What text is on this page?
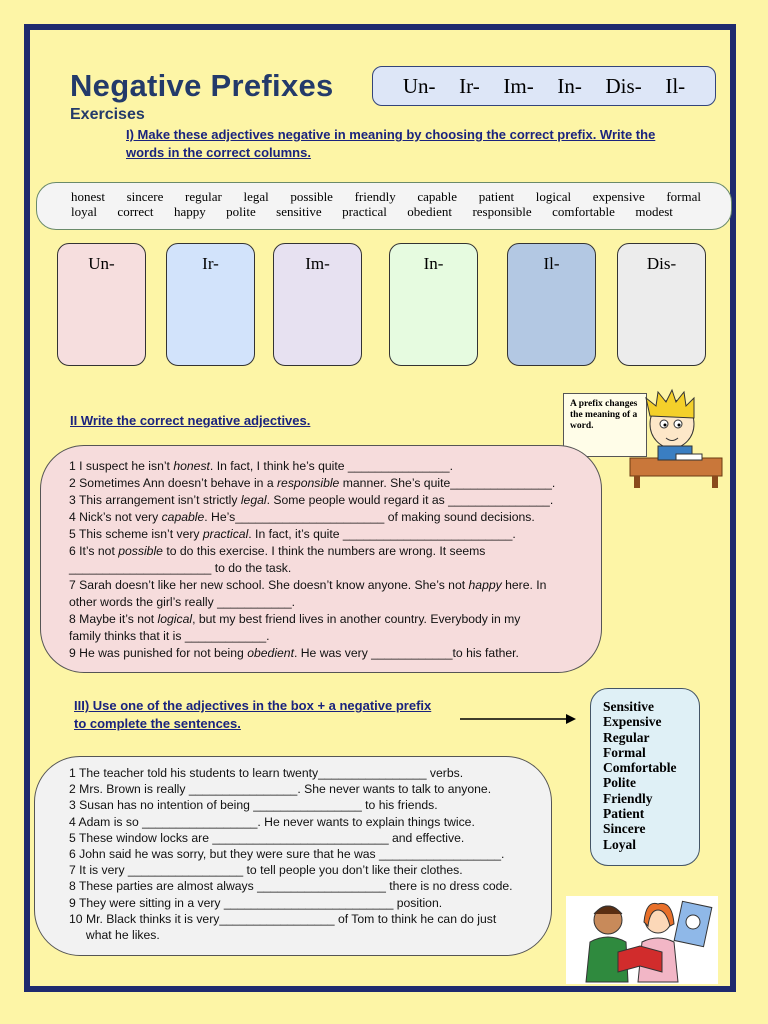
Negative Prefixes
Exercises
Un- Ir- Im- In- Dis- Il-
I) Make these adjectives negative in meaning by choosing the correct prefix. Write the
words in the correct columns.
honest sincere regular legal possible friendly capable patient logical expensive formal
loyal correct happy polite sensitive practical obedient responsible comfortable modest
Un-	Ir-	Im-	In-	Il-	Dis-
II Write the correct negative adjectives.
A prefix changes the meaning of a word.
1 I suspect he isn’t honest. In fact, I think he’s quite _______________.
2 Sometimes Ann doesn’t behave in a responsible manner. She’s quite_______________.
3 This arrangement isn’t strictly legal. Some people would regard it as _______________.
4 Nick’s not very capable. He’s______________________ of making sound decisions.
5 This scheme isn’t very practical. In fact, it’s quite _________________________.
6 It’s not possible to do this exercise. I think the numbers are wrong. It seems
_____________________ to do the task.
7 Sarah doesn’t like her new school. She doesn’t know anyone. She’s not happy here. In
other words the girl’s really ___________.
8 Maybe it’s not logical, but my best friend lives in another country. Everybody in my
family thinks that it is ____________.
9 He was punished for not being obedient. He was very ____________to his father.
III) Use one of the adjectives in the box + a negative prefix
to complete the sentences.
Sensitive
Expensive
Regular
Formal
Comfortable
Polite
Friendly
Patient
Sincere
Loyal
1 The teacher told his students to learn twenty________________ verbs.
2 Mrs. Brown is really ________________. She never wants to talk to anyone.
3 Susan has no intention of being ________________ to his friends.
4 Adam is so _________________. He never wants to explain things twice.
5 These window locks are __________________________ and effective.
6 John said he was sorry, but they were sure that he was __________________.
7 It is very _________________ to tell people you don’t like their clothes.
8 These parties are almost always ___________________ there is no dress code.
9 They were sitting in a very _________________________ position.
10 Mr. Black thinks it is very_________________ of Tom to think he can do just
what he likes.
